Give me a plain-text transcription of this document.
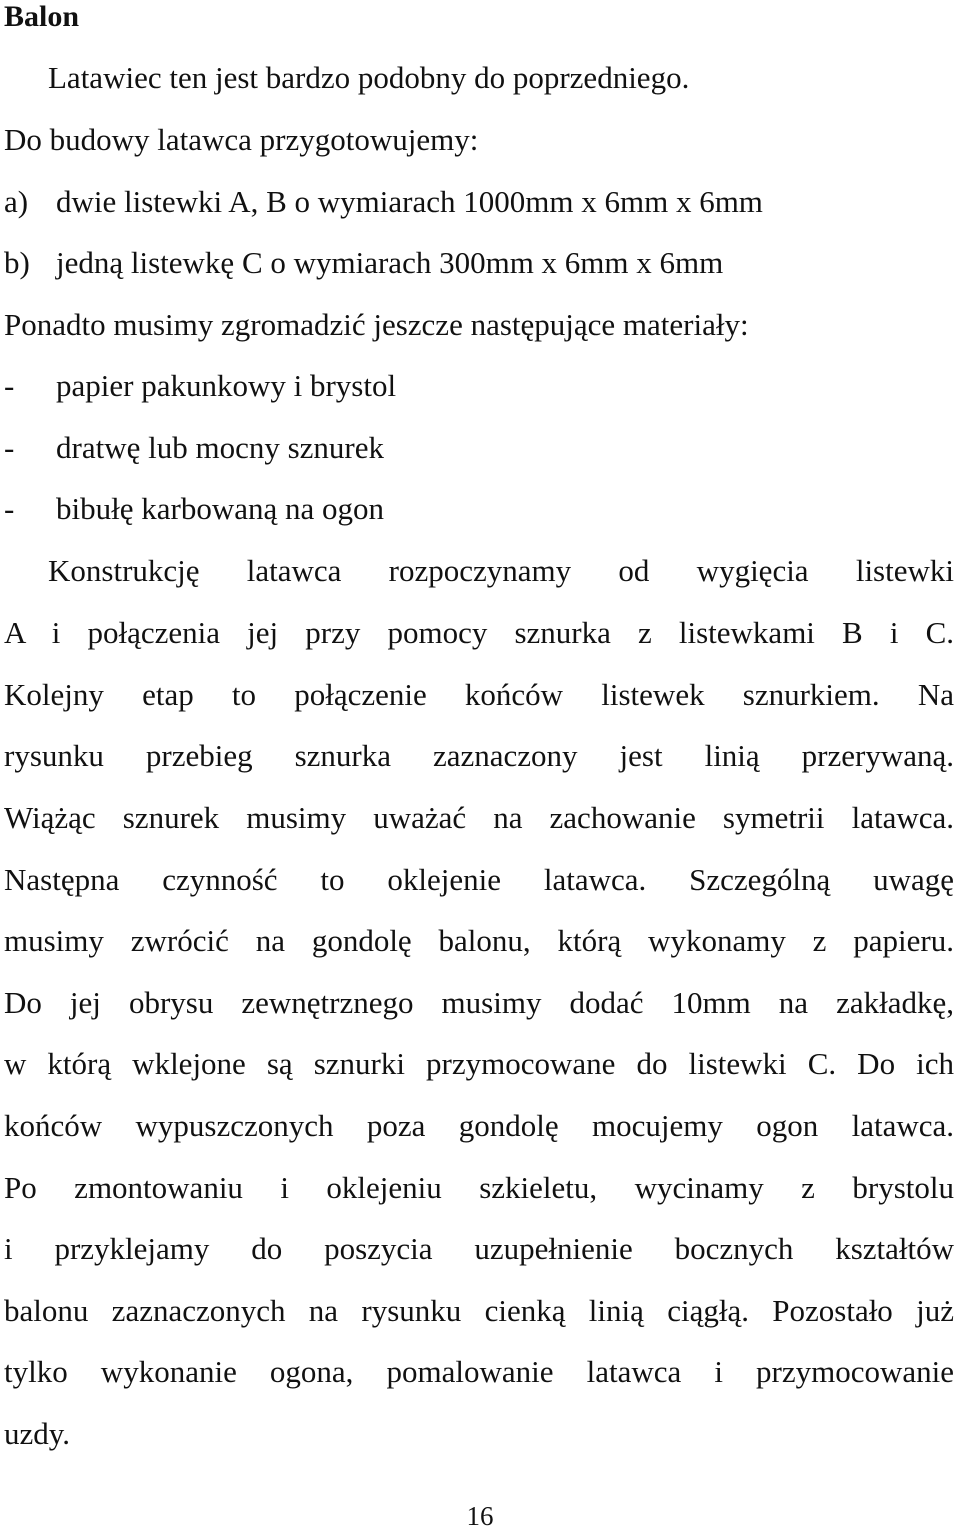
Balon

Latawiec ten jest bardzo podobny do poprzedniego.

Do budowy latawca przygotowujemy:

a) dwie listewki A, B o wymiarach 1000mm x 6mm x 6mm

b) jedną listewkę C o wymiarach 300mm x 6mm x 6mm

Ponadto musimy zgromadzić jeszcze następujące materiały:

- papier pakunkowy i brystol

- dratwę lub mocny sznurek

- bibułę karbowaną na ogon

Konstrukcję latawca rozpoczynamy od wygięcia listewki

A i połączenia jej przy pomocy sznurka z listewkami B i C.

Kolejny etap to połączenie końców listewek sznurkiem. Na

rysunku przebieg sznurka zaznaczony jest linią przerywaną.

Wiążąc sznurek musimy uważać na zachowanie symetrii latawca.

Następna czynność to oklejenie latawca. Szczególną uwagę

musimy zwrócić na gondolę balonu, którą wykonamy z papieru.

Do jej obrysu zewnętrznego musimy dodać 10mm na zakładkę,

w którą wklejone są sznurki przymocowane do listewki C. Do ich

końców wypuszczonych poza gondolę mocujemy ogon latawca.

Po zmontowaniu i oklejeniu szkieletu, wycinamy z brystolu

i przyklejamy do poszycia uzupełnienie bocznych kształtów

balonu zaznaczonych na rysunku cienką linią ciągłą. Pozostało już

tylko wykonanie ogona, pomalowanie latawca i przymocowanie

uzdy.

16
